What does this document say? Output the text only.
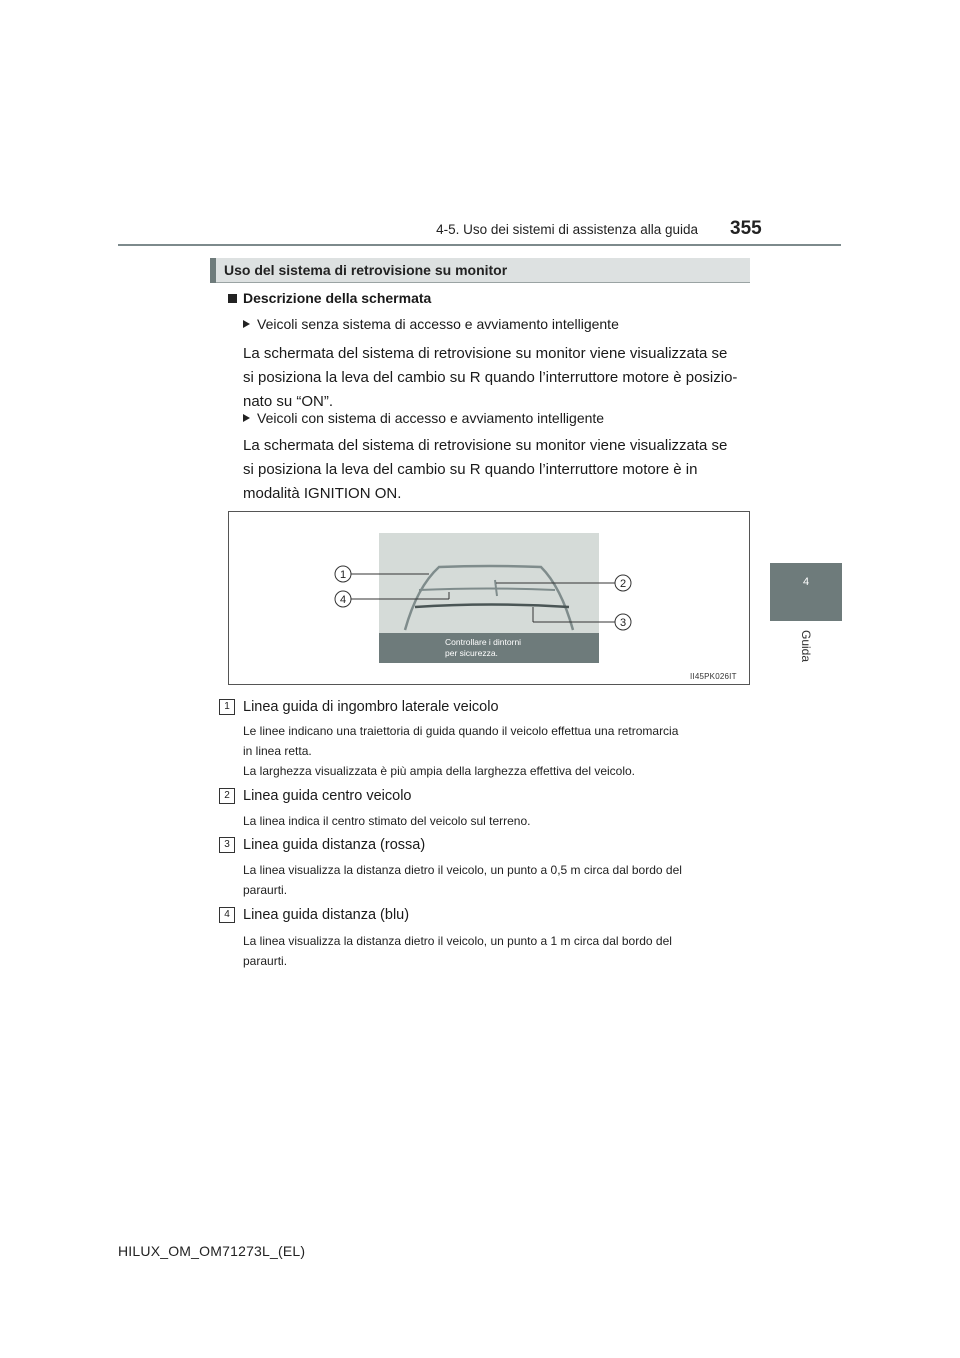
4-5. Uso dei sistemi di assistenza alla guida 355
4
Guida
Uso del sistema di retrovisione su monitor
Descrizione della schermata
Veicoli senza sistema di accesso e avviamento intelligente
La schermata del sistema di retrovisione su monitor viene visualizzata se
si posiziona la leva del cambio su R quando l’interruttore motore è posizio-
nato su “ON”.
Veicoli con sistema di accesso e avviamento intelligente
La schermata del sistema di retrovisione su monitor viene visualizzata se
si posiziona la leva del cambio su R quando l’interruttore motore è in
modalità IGNITION ON.
Controllare i dintorni
per sicurezza.
1
4
2
3
II45PK026IT
1 Linea guida di ingombro laterale veicolo
Le linee indicano una traiettoria di guida quando il veicolo effettua una retromarcia
in linea retta.
La larghezza visualizzata è più ampia della larghezza effettiva del veicolo.
2 Linea guida centro veicolo
La linea indica il centro stimato del veicolo sul terreno.
3 Linea guida distanza (rossa)
La linea visualizza la distanza dietro il veicolo, un punto a 0,5 m circa dal bordo del
paraurti.
4 Linea guida distanza (blu)
La linea visualizza la distanza dietro il veicolo, un punto a 1 m circa dal bordo del
paraurti.
HILUX_OM_OM71273L_(EL)
